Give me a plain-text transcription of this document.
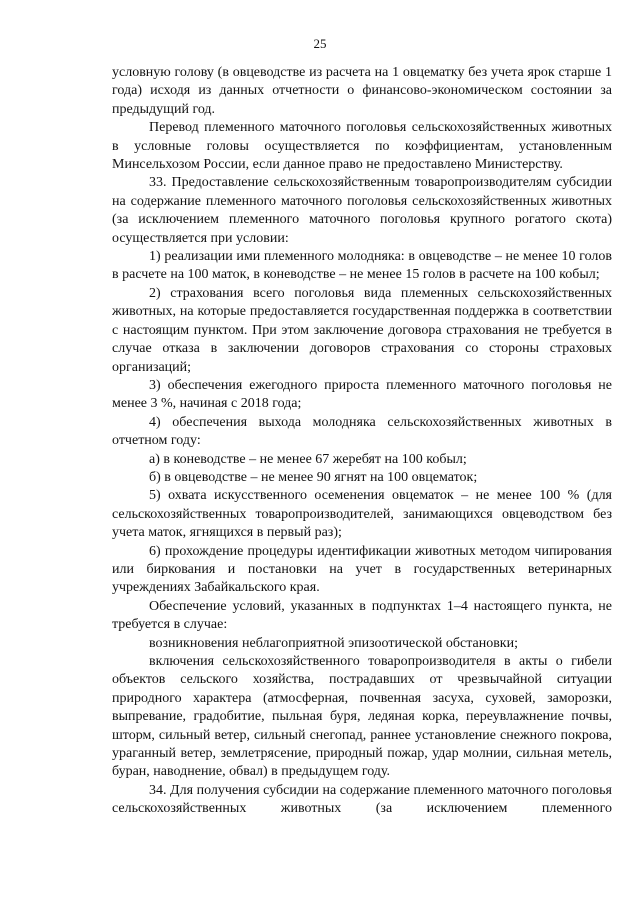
25

условную голову (в овцеводстве из расчета на 1 овцематку без учета ярок старше 1 года) исходя из данных отчетности о финансово-экономическом состоянии за предыдущий год.

Перевод племенного маточного поголовья сельскохозяйственных животных в условные головы осуществляется по коэффициентам, установленным Минсельхозом России, если данное право не предоставлено Министерству.

33. Предоставление сельскохозяйственным товаропроизводителям субсидии на содержание племенного маточного поголовья сельскохозяйственных животных (за исключением племенного маточного поголовья крупного рогатого скота) осуществляется при условии:

1) реализации ими племенного молодняка: в овцеводстве – не менее 10 голов в расчете на 100 маток, в коневодстве – не менее 15 голов в расчете на 100 кобыл;

2) страхования всего поголовья вида племенных сельскохозяйственных животных, на которые предоставляется государственная поддержка в соответствии с настоящим пунктом. При этом заключение договора страхования не требуется в случае отказа в заключении договоров страхования со стороны страховых организаций;

3) обеспечения ежегодного прироста племенного маточного поголовья не менее 3 %, начиная с 2018 года;

4) обеспечения выхода молодняка сельскохозяйственных животных в отчетном году:

а) в коневодстве – не менее 67 жеребят на 100 кобыл;

б) в овцеводстве – не менее 90 ягнят на 100 овцематок;

5) охвата искусственного осеменения овцематок – не менее 100 % (для сельскохозяйственных товаропроизводителей, занимающихся овцеводством без учета маток, ягнящихся в первый раз);

6) прохождение процедуры идентификации животных методом чипирования или биркования и постановки на учет в государственных ветеринарных учреждениях Забайкальского края.

Обеспечение условий, указанных в подпунктах 1–4 настоящего пункта, не требуется в случае:

возникновения неблагоприятной эпизоотической обстановки;

включения сельскохозяйственного товаропроизводителя в акты о гибели объектов сельского хозяйства, пострадавших от чрезвычайной ситуации природного характера (атмосферная, почвенная засуха, суховей, заморозки, выпревание, градобитие, пыльная буря, ледяная корка, переувлажнение почвы, шторм, сильный ветер, сильный снегопад, раннее установление снежного покрова, ураганный ветер, землетрясение, природный пожар, удар молнии, сильная метель, буран, наводнение, обвал) в предыдущем году.

34. Для получения субсидии на содержание племенного маточного поголовья сельскохозяйственных животных (за исключением племенного
